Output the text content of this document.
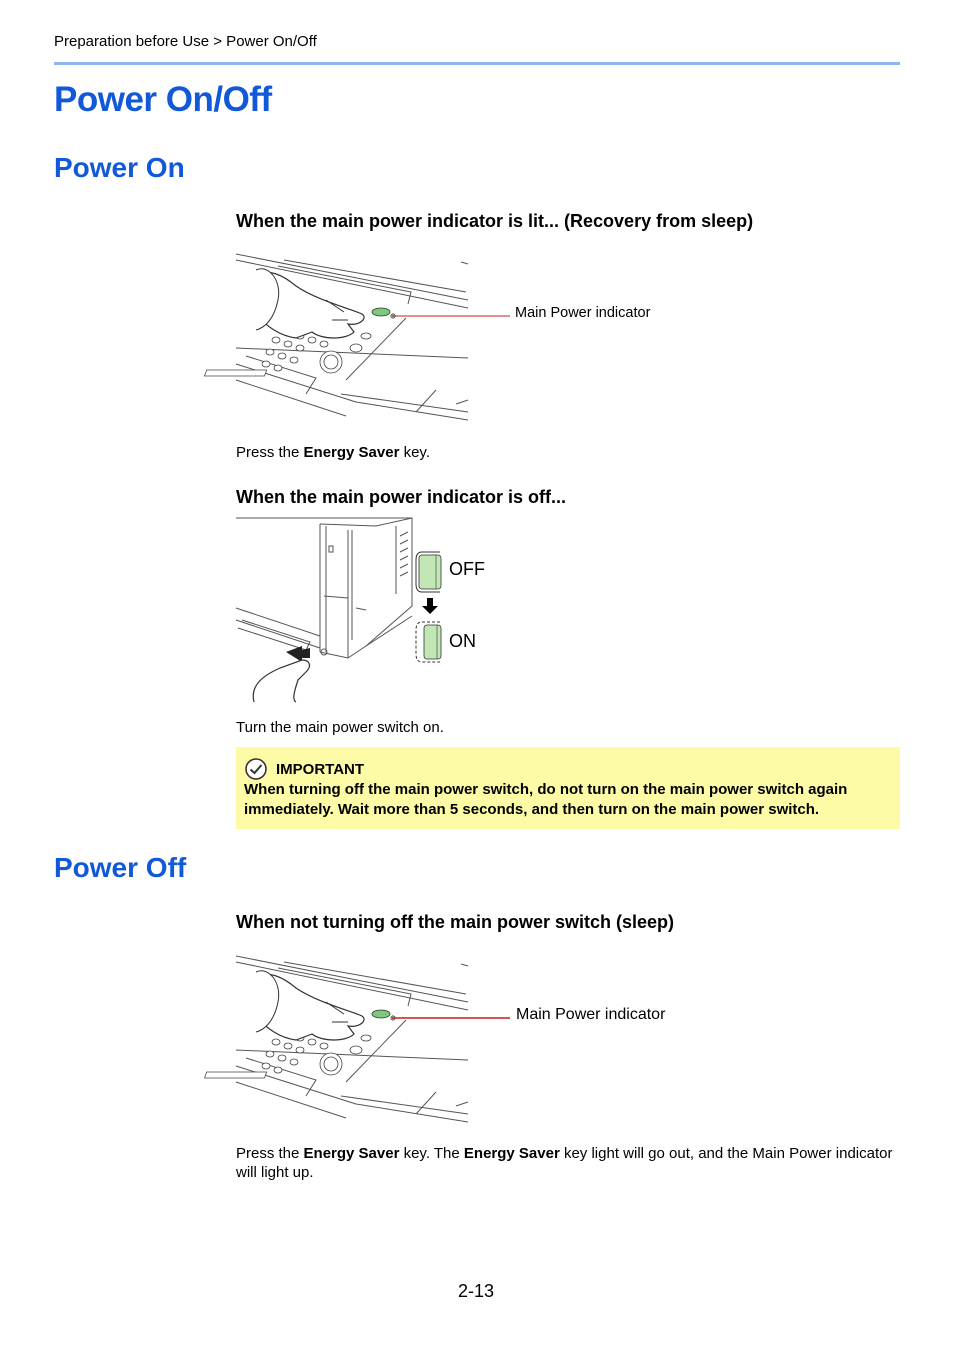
Preparation before Use > Power On/Off
Power On/Off
Power On
When the main power indicator is lit... (Recovery from sleep)
Main Power indicator
Press the Energy Saver key.
When the main power indicator is off...
OFF
ON
Turn the main power switch on.
IMPORTANT
When turning off the main power switch, do not turn on the main power switch again immediately. Wait more than 5 seconds, and then turn on the main power switch.
Power Off
When not turning off the main power switch (sleep)
Main Power indicator
Press the Energy Saver key. The Energy Saver key light will go out, and the Main Power indicator will light up.
2-13
